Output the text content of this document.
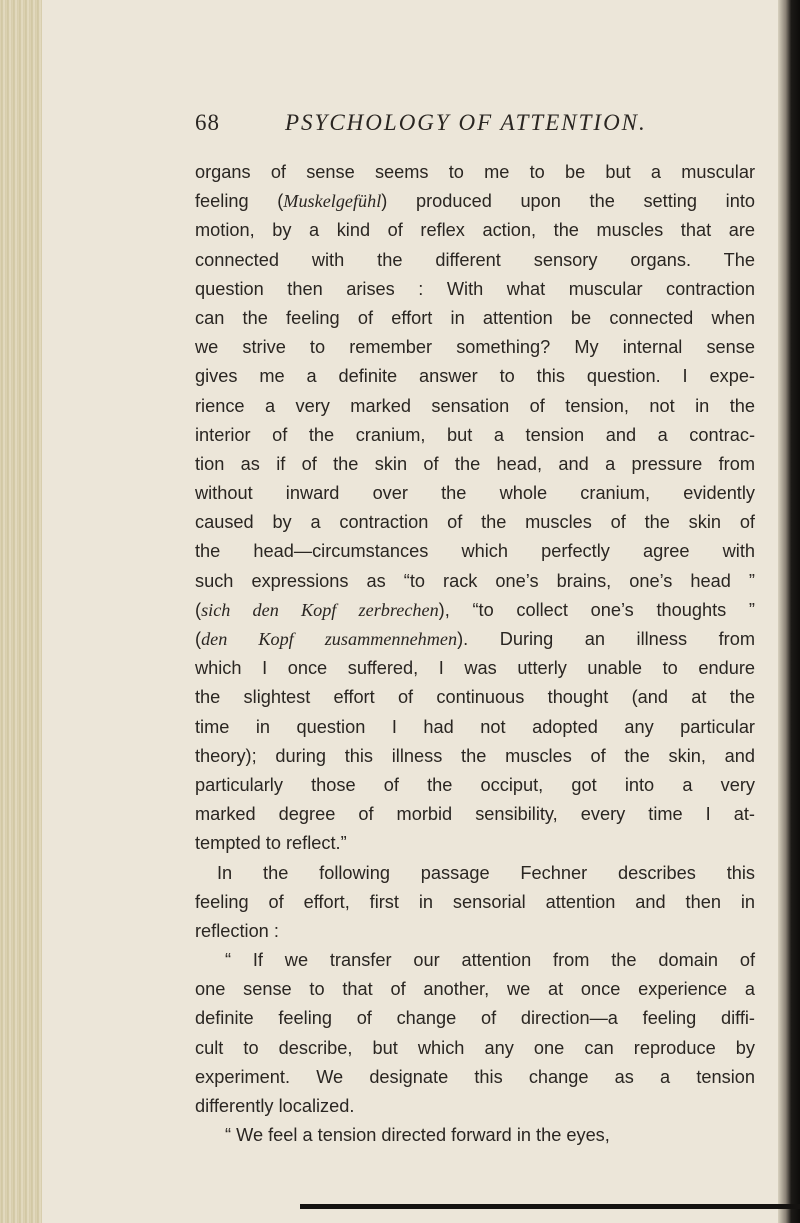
68	PSYCHOLOGY OF ATTENTION.
organs of sense seems to me to be but a muscular
feeling (Muskelgefühl) produced upon the setting into
motion, by a kind of reflex action, the muscles that are
connected with the different sensory organs. The
question then arises : With what muscular contraction
can the feeling of effort in attention be connected when
we strive to remember something? My internal sense
gives me a definite answer to this question. I expe-
rience a very marked sensation of tension, not in the
interior of the cranium, but a tension and a contrac-
tion as if of the skin of the head, and a pressure from
without inward over the whole cranium, evidently
caused by a contraction of the muscles of the skin of
the head—circumstances which perfectly agree with
such expressions as “to rack one’s brains, one’s head ”
(sich den Kopf zerbrechen), “to collect one’s thoughts ”
(den Kopf zusammennehmen). During an illness from
which I once suffered, I was utterly unable to endure
the slightest effort of continuous thought (and at the
time in question I had not adopted any particular
theory); during this illness the muscles of the skin, and
particularly those of the occiput, got into a very
marked degree of morbid sensibility, every time I at-
tempted to reflect.”
In the following passage Fechner describes this
feeling of effort, first in sensorial attention and then in
reflection :
“ If we transfer our attention from the domain of
one sense to that of another, we at once experience a
definite feeling of change of direction—a feeling diffi-
cult to describe, but which any one can reproduce by
experiment. We designate this change as a tension
differently localized.
“ We feel a tension directed forward in the eyes,
